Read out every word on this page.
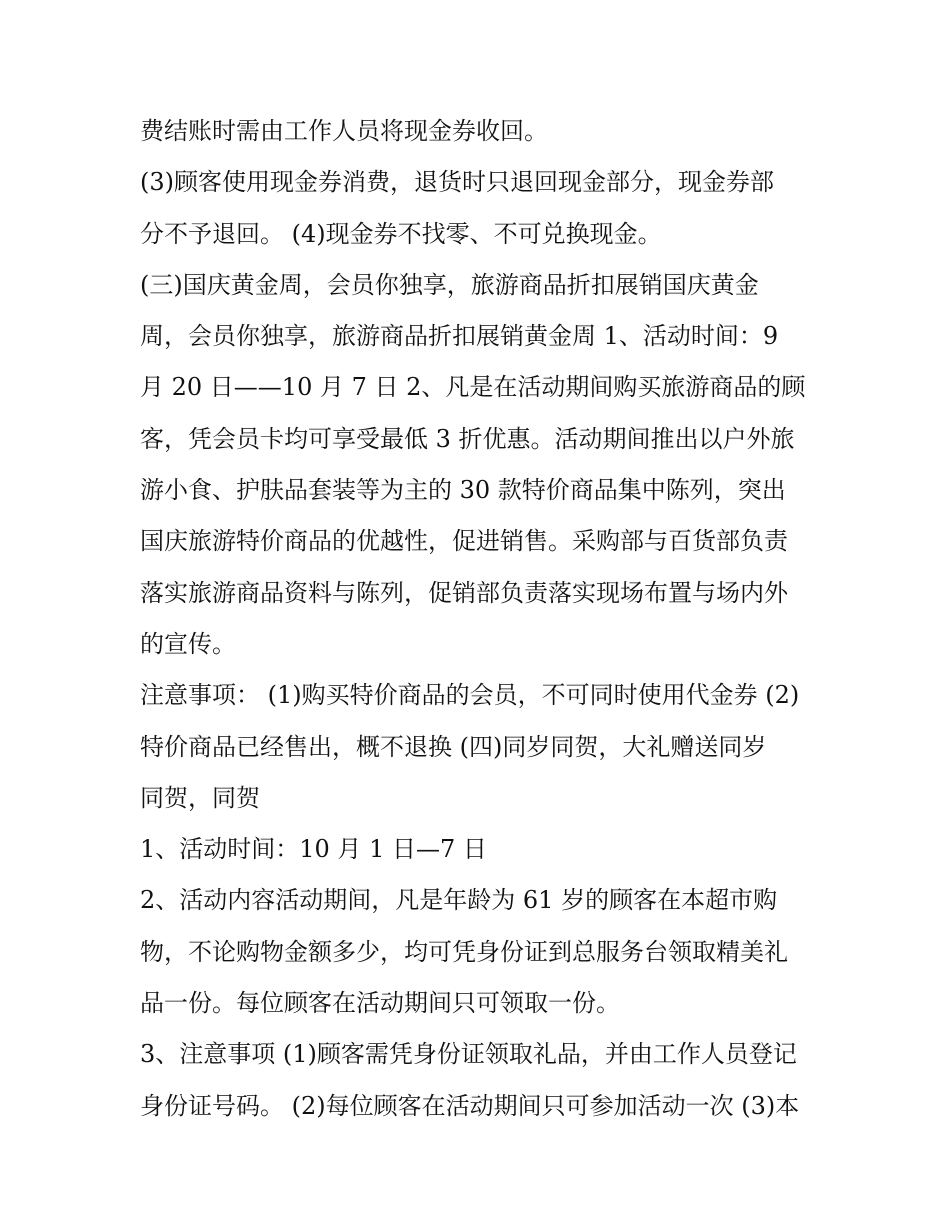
费结账时需由工作人员将现金券收回。
(3)顾客使用现金券消费，退货时只退回现金部分，现金券部
分不予退回。 (4)现金券不找零、不可兑换现金。
(三)国庆黄金周，会员你独享，旅游商品折扣展销国庆黄金
周，会员你独享，旅游商品折扣展销黄金周 1、活动时间：9
月 20 日——10 月 7 日 2、凡是在活动期间购买旅游商品的顾
客，凭会员卡均可享受最低 3 折优惠。活动期间推出以户外旅
游小食、护肤品套装等为主的 30 款特价商品集中陈列，突出
国庆旅游特价商品的优越性，促进销售。采购部与百货部负责
落实旅游商品资料与陈列，促销部负责落实现场布置与场内外
的宣传。
注意事项： (1)购买特价商品的会员，不可同时使用代金券 (2)
特价商品已经售出，概不退换 (四)同岁同贺，大礼赠送同岁
同贺，同贺
1、活动时间：10 月 1 日—7 日
2、活动内容活动期间，凡是年龄为 61 岁的顾客在本超市购
物，不论购物金额多少，均可凭身份证到总服务台领取精美礼
品一份。每位顾客在活动期间只可领取一份。
3、注意事项 (1)顾客需凭身份证领取礼品，并由工作人员登记
身份证号码。 (2)每位顾客在活动期间只可参加活动一次 (3)本
